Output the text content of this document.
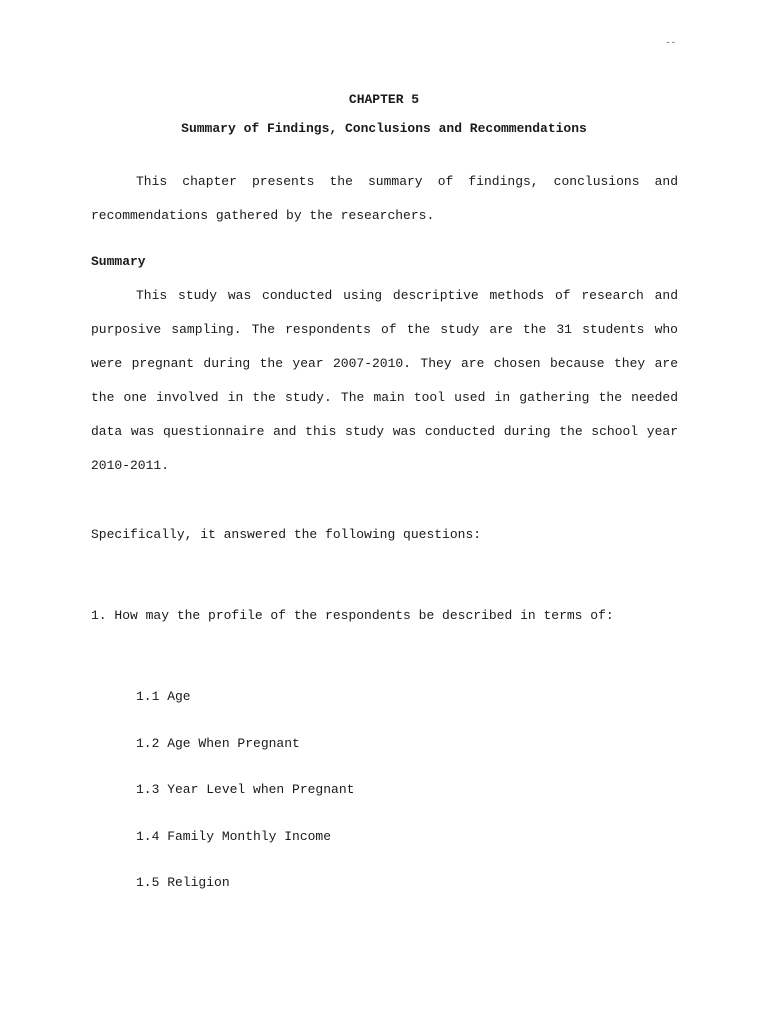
--
CHAPTER 5
Summary of Findings, Conclusions and Recommendations

This chapter presents the summary of findings, conclusions and recommendations gathered by the researchers.

Summary

This study was conducted using descriptive methods of research and purposive sampling. The respondents of the study are the 31 students who were pregnant during the year 2007-2010. They are chosen because they are the one involved in the study. The main tool used in gathering the needed data was questionnaire and this study was conducted during the school year 2010-2011.

Specifically, it answered the following questions:

1. How may the profile of the respondents be described in terms of:

1.1 Age
1.2 Age When Pregnant
1.3 Year Level when Pregnant
1.4 Family Monthly Income
1.5 Religion
